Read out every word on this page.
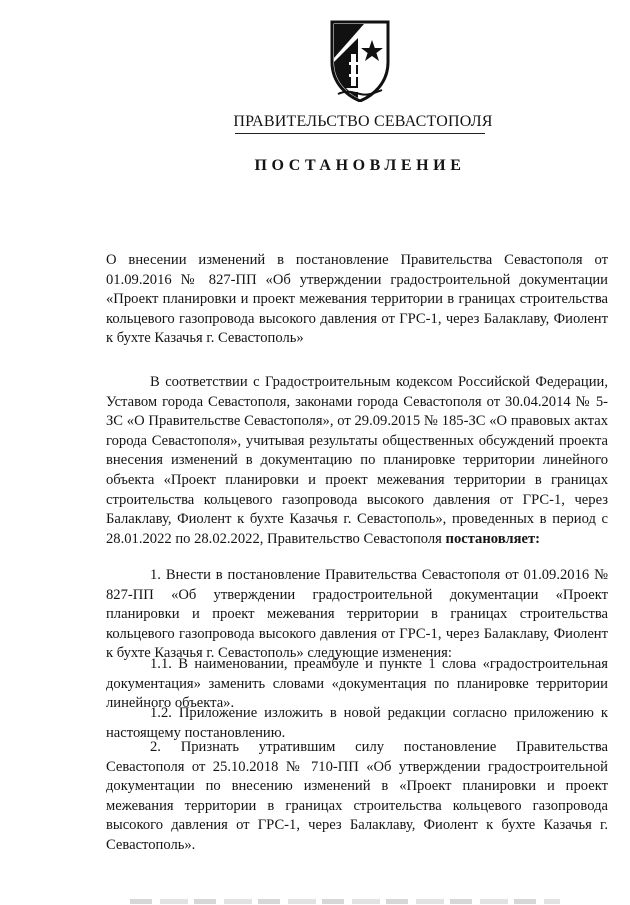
ПРАВИТЕЛЬСТВО СЕВАСТОПОЛЯ
ПОСТАНОВЛЕНИЕ
О внесении изменений в постановление Правительства Севастополя от 01.09.2016 № 827-ПП «Об утверждении градостроительной документации «Проект планировки и проект межевания территории в границах строительства кольцевого газопровода высокого давления от ГРС-1, через Балаклаву, Фиолент к бухте Казачья г. Севастополь»
В соответствии с Градостроительным кодексом Российской Федерации, Уставом города Севастополя, законами города Севастополя от 30.04.2014 № 5-ЗС «О Правительстве Севастополя», от 29.09.2015 № 185-ЗС «О правовых актах города Севастополя», учитывая результаты общественных обсуждений проекта внесения изменений в документацию по планировке территории линейного объекта «Проект планировки и проект межевания территории в границах строительства кольцевого газопровода высокого давления от ГРС-1, через Балаклаву, Фиолент к бухте Казачья г. Севастополь», проведенных в период с 28.01.2022 по 28.02.2022, Правительство Севастополя постановляет:
1. Внести в постановление Правительства Севастополя от 01.09.2016 № 827-ПП «Об утверждении градостроительной документации «Проект планировки и проект межевания территории в границах строительства кольцевого газопровода высокого давления от ГРС-1, через Балаклаву, Фиолент к бухте Казачья г. Севастополь» следующие изменения:
1.1. В наименовании, преамбуле и пункте 1 слова «градостроительная документация» заменить словами «документация по планировке территории линейного объекта».
1.2. Приложение изложить в новой редакции согласно приложению к настоящему постановлению.
2. Признать утратившим силу постановление Правительства Севастополя от 25.10.2018 № 710-ПП «Об утверждении градостроительной документации по внесению изменений в «Проект планировки и проект межевания территории в границах строительства кольцевого газопровода высокого давления от ГРС-1, через Балаклаву, Фиолент к бухте Казачья г. Севастополь».
